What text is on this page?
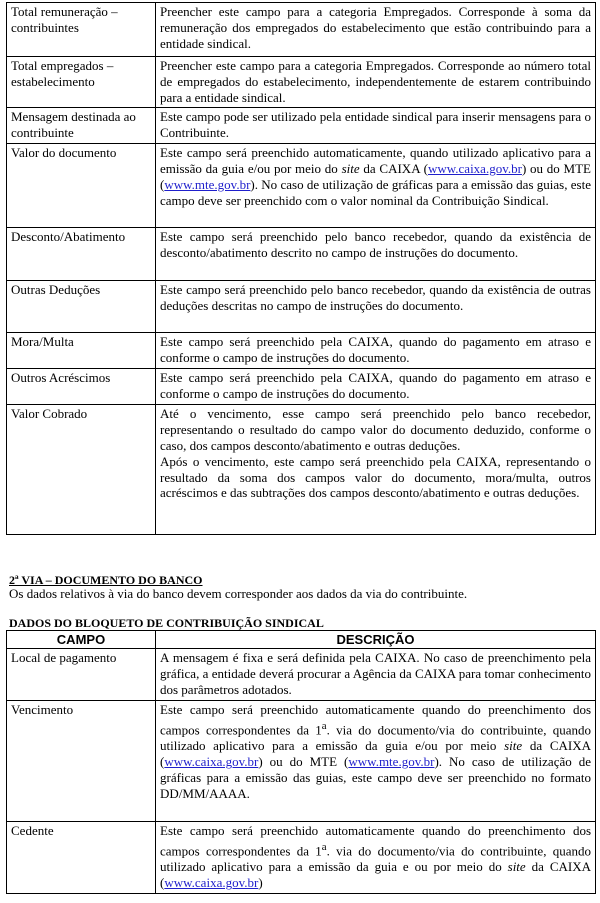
Total remuneração – contribuintes	Preencher este campo para a categoria Empregados. Corresponde à soma da remuneração dos empregados do estabelecimento que estão contribuindo para a entidade sindical.
Total empregados – estabelecimento	Preencher este campo para a categoria Empregados. Corresponde ao número total de empregados do estabelecimento, independentemente de estarem contribuindo para a entidade sindical.
Mensagem destinada ao contribuinte	Este campo pode ser utilizado pela entidade sindical para inserir mensagens para o Contribuinte.
Valor do documento	Este campo será preenchido automaticamente, quando utilizado aplicativo para a emissão da guia e/ou por meio do site da CAIXA (www.caixa.gov.br) ou do MTE (www.mte.gov.br). No caso de utilização de gráficas para a emissão das guias, este campo deve ser preenchido com o valor nominal da Contribuição Sindical.
Desconto/Abatimento	Este campo será preenchido pelo banco recebedor, quando da existência de desconto/abatimento descrito no campo de instruções do documento.
Outras Deduções	Este campo será preenchido pelo banco recebedor, quando da existência de outras deduções descritas no campo de instruções do documento.
Mora/Multa	Este campo será preenchido pela CAIXA, quando do pagamento em atraso e conforme o campo de instruções do documento.
Outros Acréscimos	Este campo será preenchido pela CAIXA, quando do pagamento em atraso e conforme o campo de instruções do documento.
Valor Cobrado	Até o vencimento, esse campo será preenchido pelo banco recebedor, representando o resultado do campo valor do documento deduzido, conforme o caso, dos campos desconto/abatimento e outras deduções.
Após o vencimento, este campo será preenchido pela CAIXA, representando o resultado da soma dos campos valor do documento, mora/multa, outros acréscimos e das subtrações dos campos desconto/abatimento e outras deduções.
2ª VIA – DOCUMENTO DO BANCO
Os dados relativos à via do banco devem corresponder aos dados da via do contribuinte.
DADOS DO BLOQUETO DE CONTRIBUIÇÃO SINDICAL
CAMPO	DESCRIÇÃO
Local de pagamento	A mensagem é fixa e será definida pela CAIXA. No caso de preenchimento pela gráfica, a entidade deverá procurar a Agência da CAIXA para tomar conhecimento dos parâmetros adotados.
Vencimento	Este campo será preenchido automaticamente quando do preenchimento dos campos correspondentes da 1$^a$. via do documento/via do contribuinte, quando utilizado aplicativo para a emissão da guia e/ou por meio site da CAIXA (www.caixa.gov.br) ou do MTE (www.mte.gov.br). No caso de utilização de gráficas para a emissão das guias, este campo deve ser preenchido no formato DD/MM/AAAA.
Cedente	Este campo será preenchido automaticamente quando do preenchimento dos campos correspondentes da 1$^a$. via do documento/via do contribuinte, quando utilizado aplicativo para a emissão da guia e ou por meio do site da CAIXA (www.caixa.gov.br)
